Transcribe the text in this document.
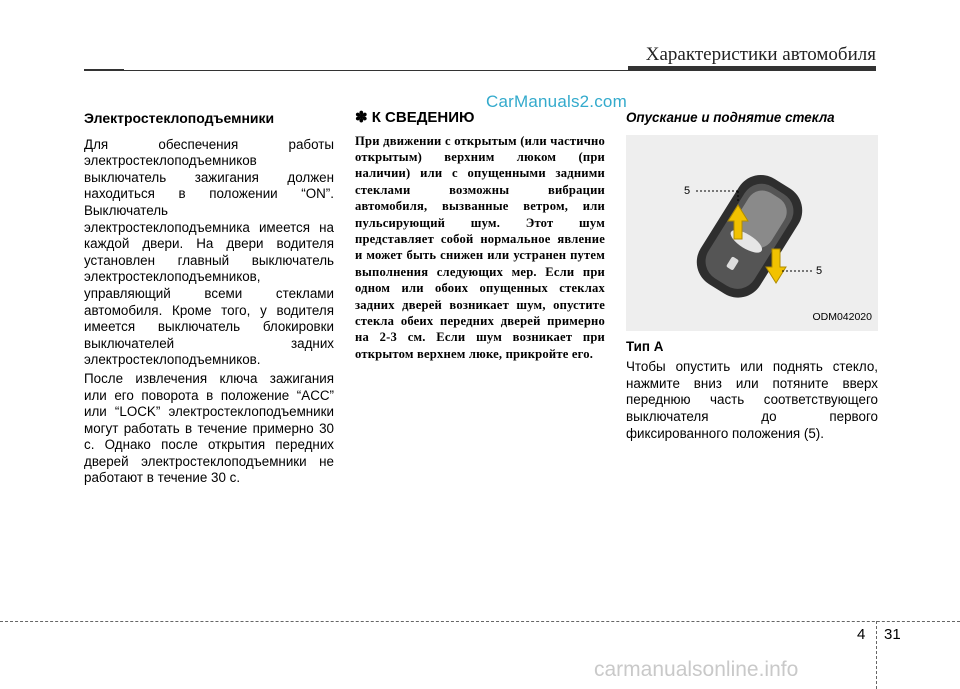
Характеристики автомобиля
CarManuals2.com
Электростеклоподъемники

Для обеспечения работы электростеклоподъемников выключатель зажигания должен находиться в положении “ON”. Выключатель электростеклоподъемника имеется на каждой двери. На двери водителя установлен главный выключатель электростеклоподъемников, управляющий всеми стеклами автомобиля. Кроме того, у водителя имеется выключатель блокировки выключателей задних электростеклоподъемников.

После извлечения ключа зажигания или его поворота в положение “ACC” или “LOCK” электростеклоподъемники могут работать в течение примерно 30 с. Однако после открытия передних дверей электростеклоподъемники не работают в течение 30 с.

✽ К СВЕДЕНИЮ
При движении с открытым (или частично открытым) верхним люком (при наличии) или с опущенными задними стеклами возможны вибрации автомобиля, вызванные ветром, или пульсирующий шум. Этот шум представляет собой нормальное явление и может быть снижен или устранен путем выполнения следующих мер. Если при одном или обоих опущенных стеклах задних дверей возникает шум, опустите стекла обеих передних дверей примерно на 2-3 см. Если шум возникает при открытом верхнем люке, прикройте его.
Опускание и поднятие стекла
5
5
ODM042020
Тип А

Чтобы опустить или поднять стекло, нажмите вниз или потяните вверх переднюю часть соответствующего выключателя до первого фиксированного положения (5).

4 31
carmanualsonline.info
